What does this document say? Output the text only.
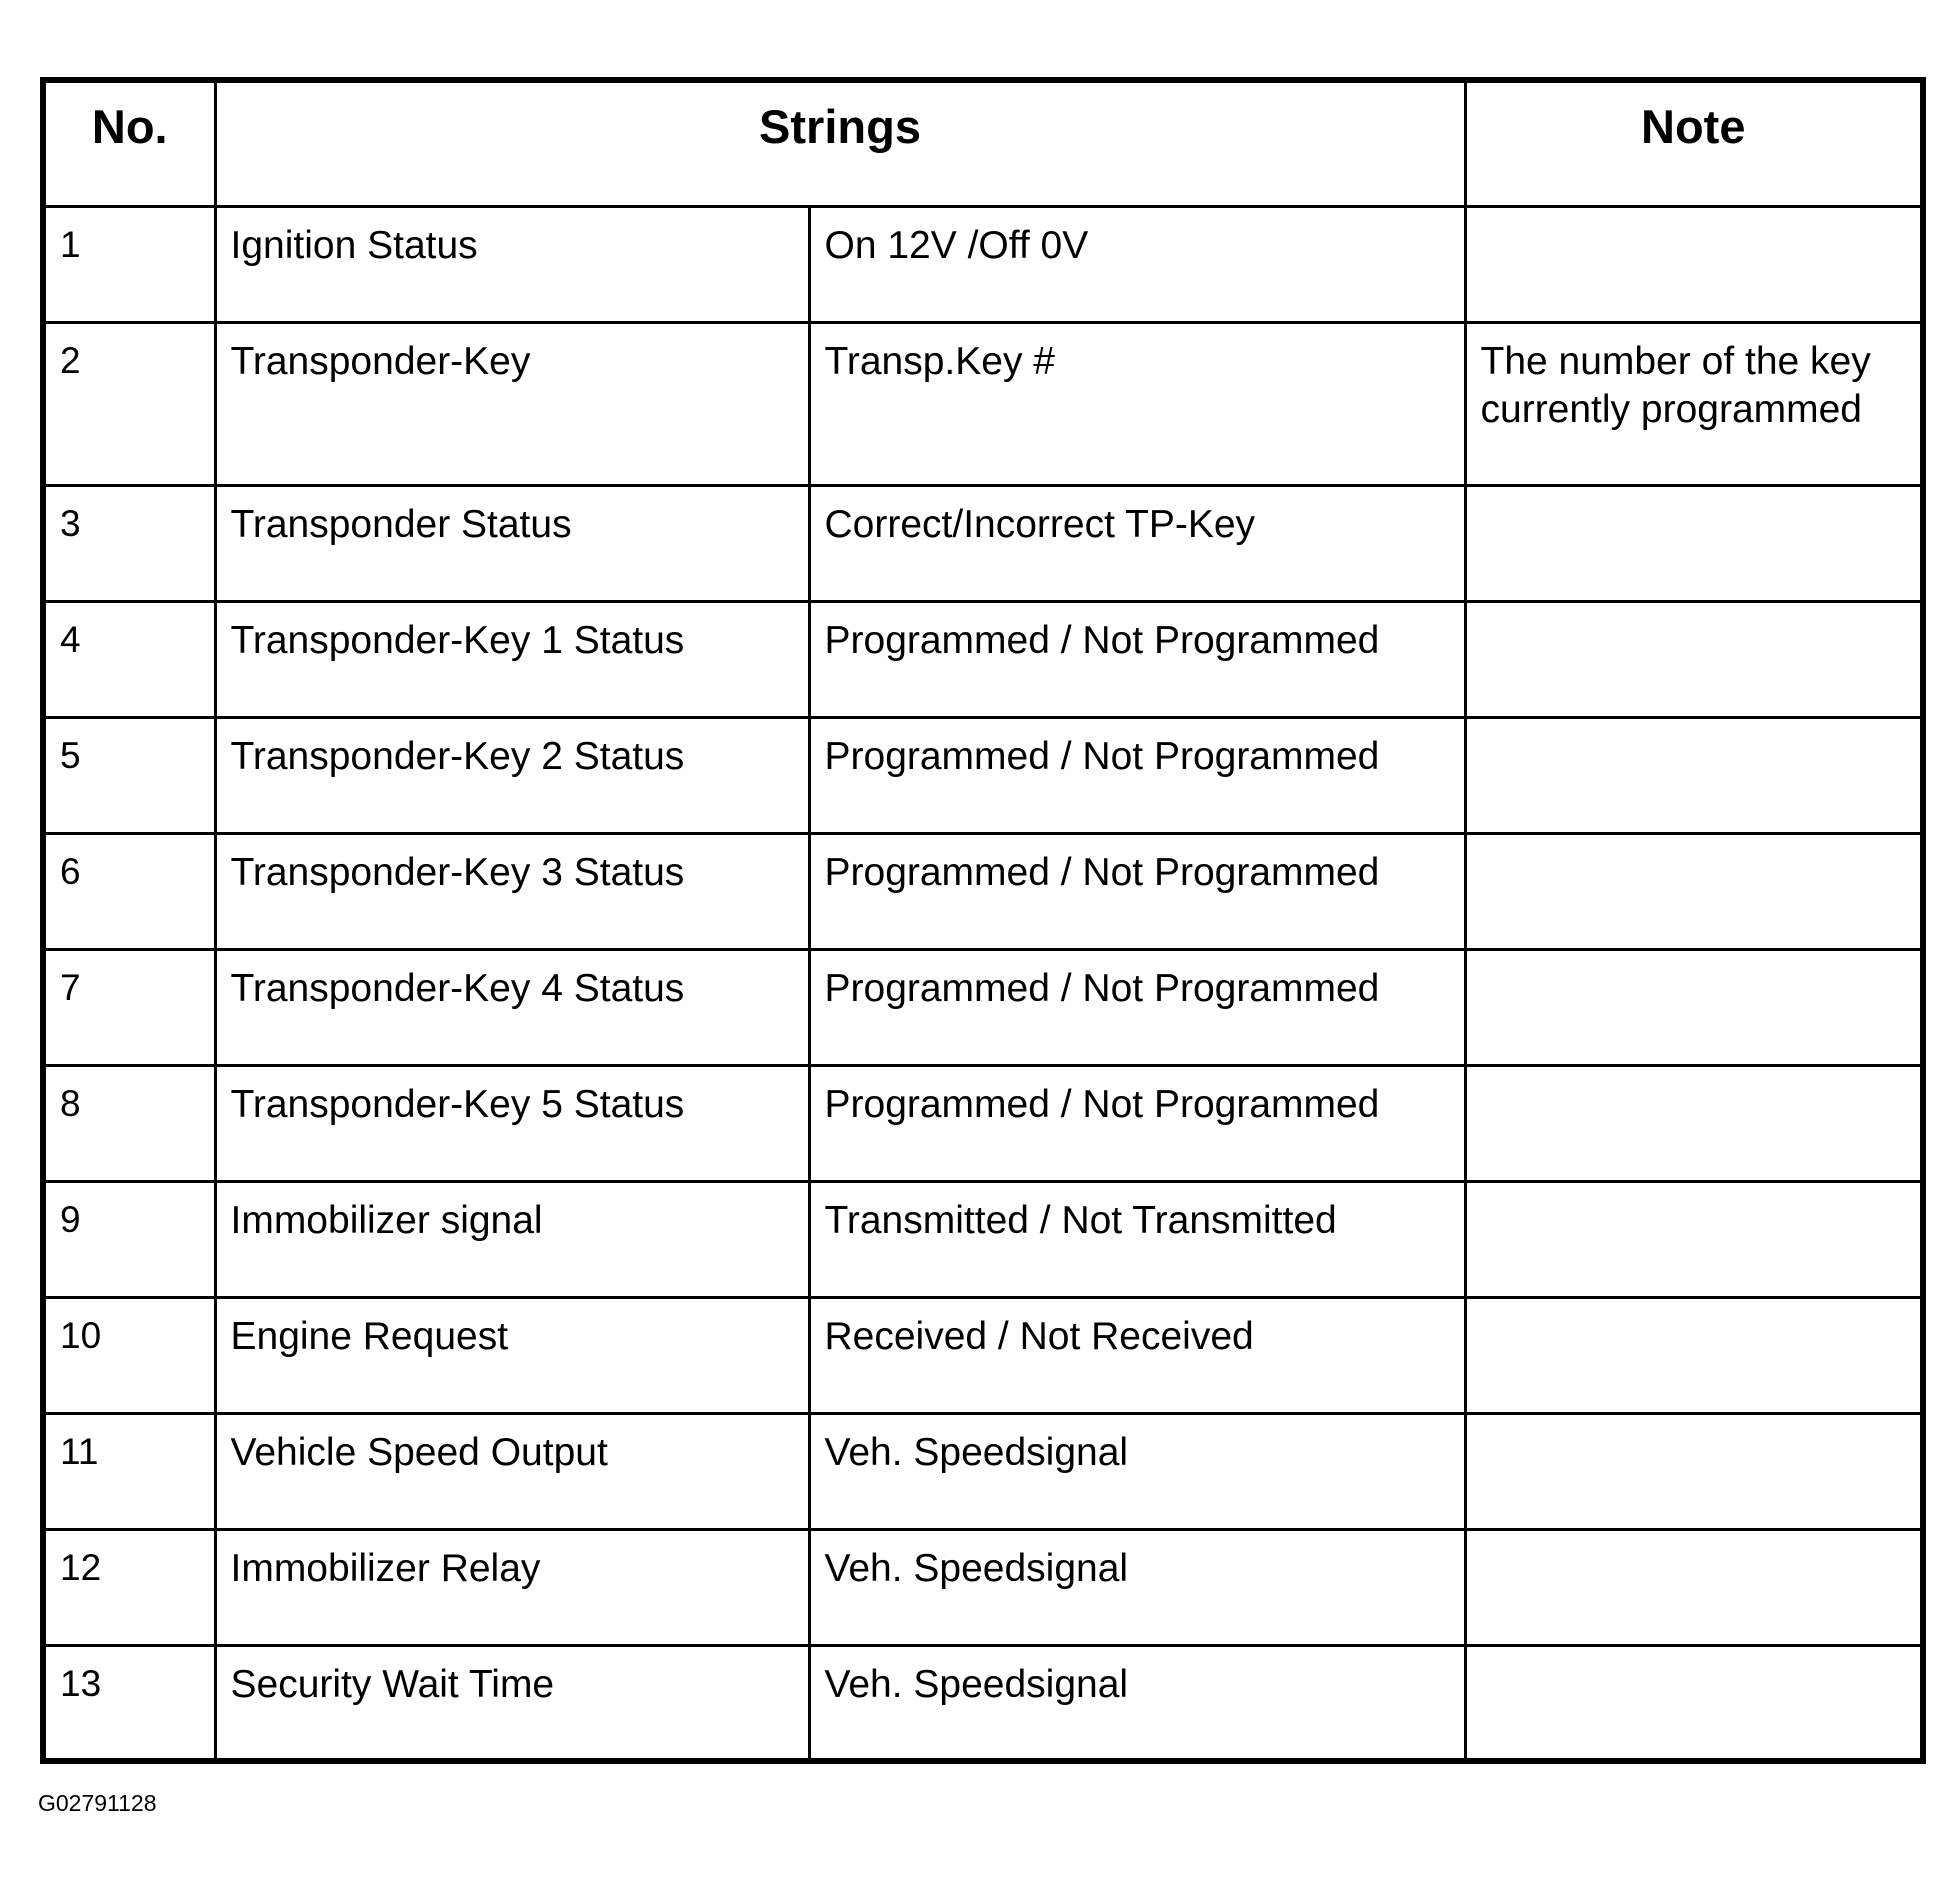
No.	Strings		Note
1	Ignition Status	On 12V /Off 0V	
2	Transponder-Key	Transp.Key #	The number of the key currently programmed
3	Transponder Status	Correct/Incorrect TP-Key	
4	Transponder-Key 1 Status	Programmed / Not Programmed	
5	Transponder-Key 2 Status	Programmed / Not Programmed	
6	Transponder-Key 3 Status	Programmed / Not Programmed	
7	Transponder-Key 4 Status	Programmed / Not Programmed	
8	Transponder-Key 5 Status	Programmed / Not Programmed	
9	Immobilizer signal	Transmitted / Not Transmitted	
10	Engine Request	Received / Not Received	
11	Vehicle Speed Output	Veh. Speedsignal	
12	Immobilizer Relay	Veh. Speedsignal	
13	Security Wait Time	Veh. Speedsignal	
G02791128
